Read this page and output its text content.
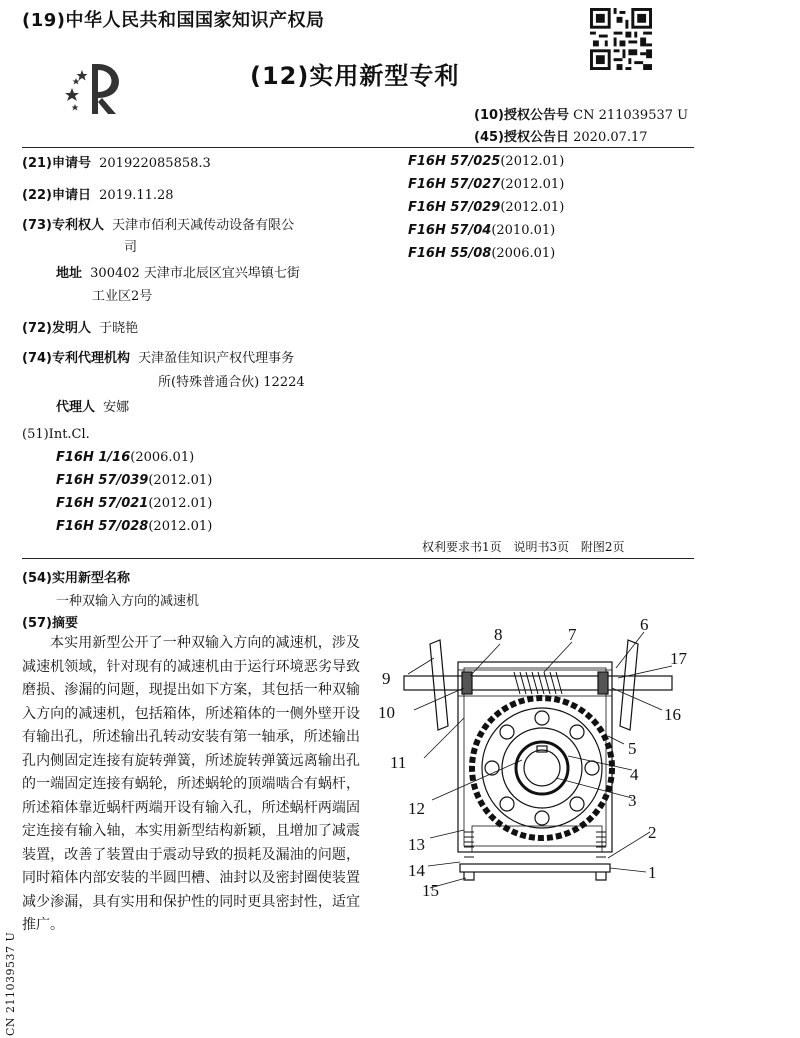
(19)中华人民共和国国家知识产权局
(12)实用新型专利
(10)授权公告号 CN 211039537 U
(45)授权公告日 2020.07.17
(21)申请号 201922085858.3
(22)申请日 2019.11.28
(73)专利权人 天津市佰利天减传动设备有限公
司
地址 300402 天津市北辰区宜兴埠镇七街
工业区2号
(72)发明人 于晓艳
(74)专利代理机构 天津盈佳知识产权代理事务
所(特殊普通合伙) 12224
代理人 安娜
(51)Int.Cl.
F16H 1/16(2006.01)
F16H 57/039(2012.01)
F16H 57/021(2012.01)
F16H 57/028(2012.01)
F16H 57/025(2012.01)
F16H 57/027(2012.01)
F16H 57/029(2012.01)
F16H 57/04(2010.01)
F16H 55/08(2006.01)
权利要求书1页 说明书3页 附图2页
(54)实用新型名称
一种双输入方向的减速机
(57)摘要

本实用新型公开了一种双输入方向的减速机，涉及减速机领域，针对现有的减速机由于运行环境恶劣导致磨损、渗漏的问题，现提出如下方案，其包括一种双输入方向的减速机，包括箱体，所述箱体的一侧外壁开设有输出孔，所述输出孔转动安装有第一轴承，所述输出孔内侧固定连接有旋转弹簧，所述旋转弹簧远离输出孔的一端固定连接有蜗轮，所述蜗轮的顶端啮合有蜗杆，所述箱体靠近蜗杆两端开设有输入孔，所述蜗杆两端固定连接有输入轴，本实用新型结构新颖，且增加了减震装置，改善了装置由于震动导致的损耗及漏油的问题，同时箱体内部安装的半圆凹槽、油封以及密封圈使装置减少渗漏，具有实用和保护性的同时更具密封性，适宜推广。

8	7
6
9
17
10	16
11
5
4
12	3
13
2
14	1
15
CN 211039537 U
